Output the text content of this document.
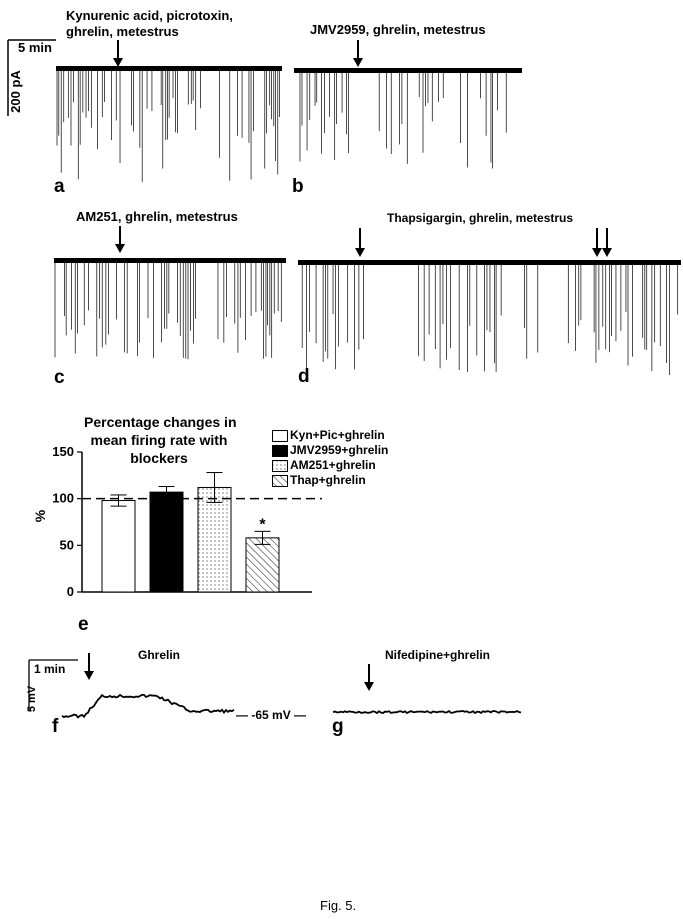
5 min
200 pA
Kynurenic acid, picrotoxin,
ghrelin, metestrus
a
JMV2959, ghrelin, metestrus
b
AM251, ghrelin, metestrus
c
Thapsigargin, ghrelin, metestrus
d
Percentage changes in
mean firing rate with
blockers
%
0
50
100
150
*
e
Kyn+Pic+ghrelin
JMV2959+ghrelin
AM251+ghrelin
Thap+ghrelin
1 min
5 mV
Ghrelin
f
— -65 mV —
Nifedipine+ghrelin
g
Fig. 5.
